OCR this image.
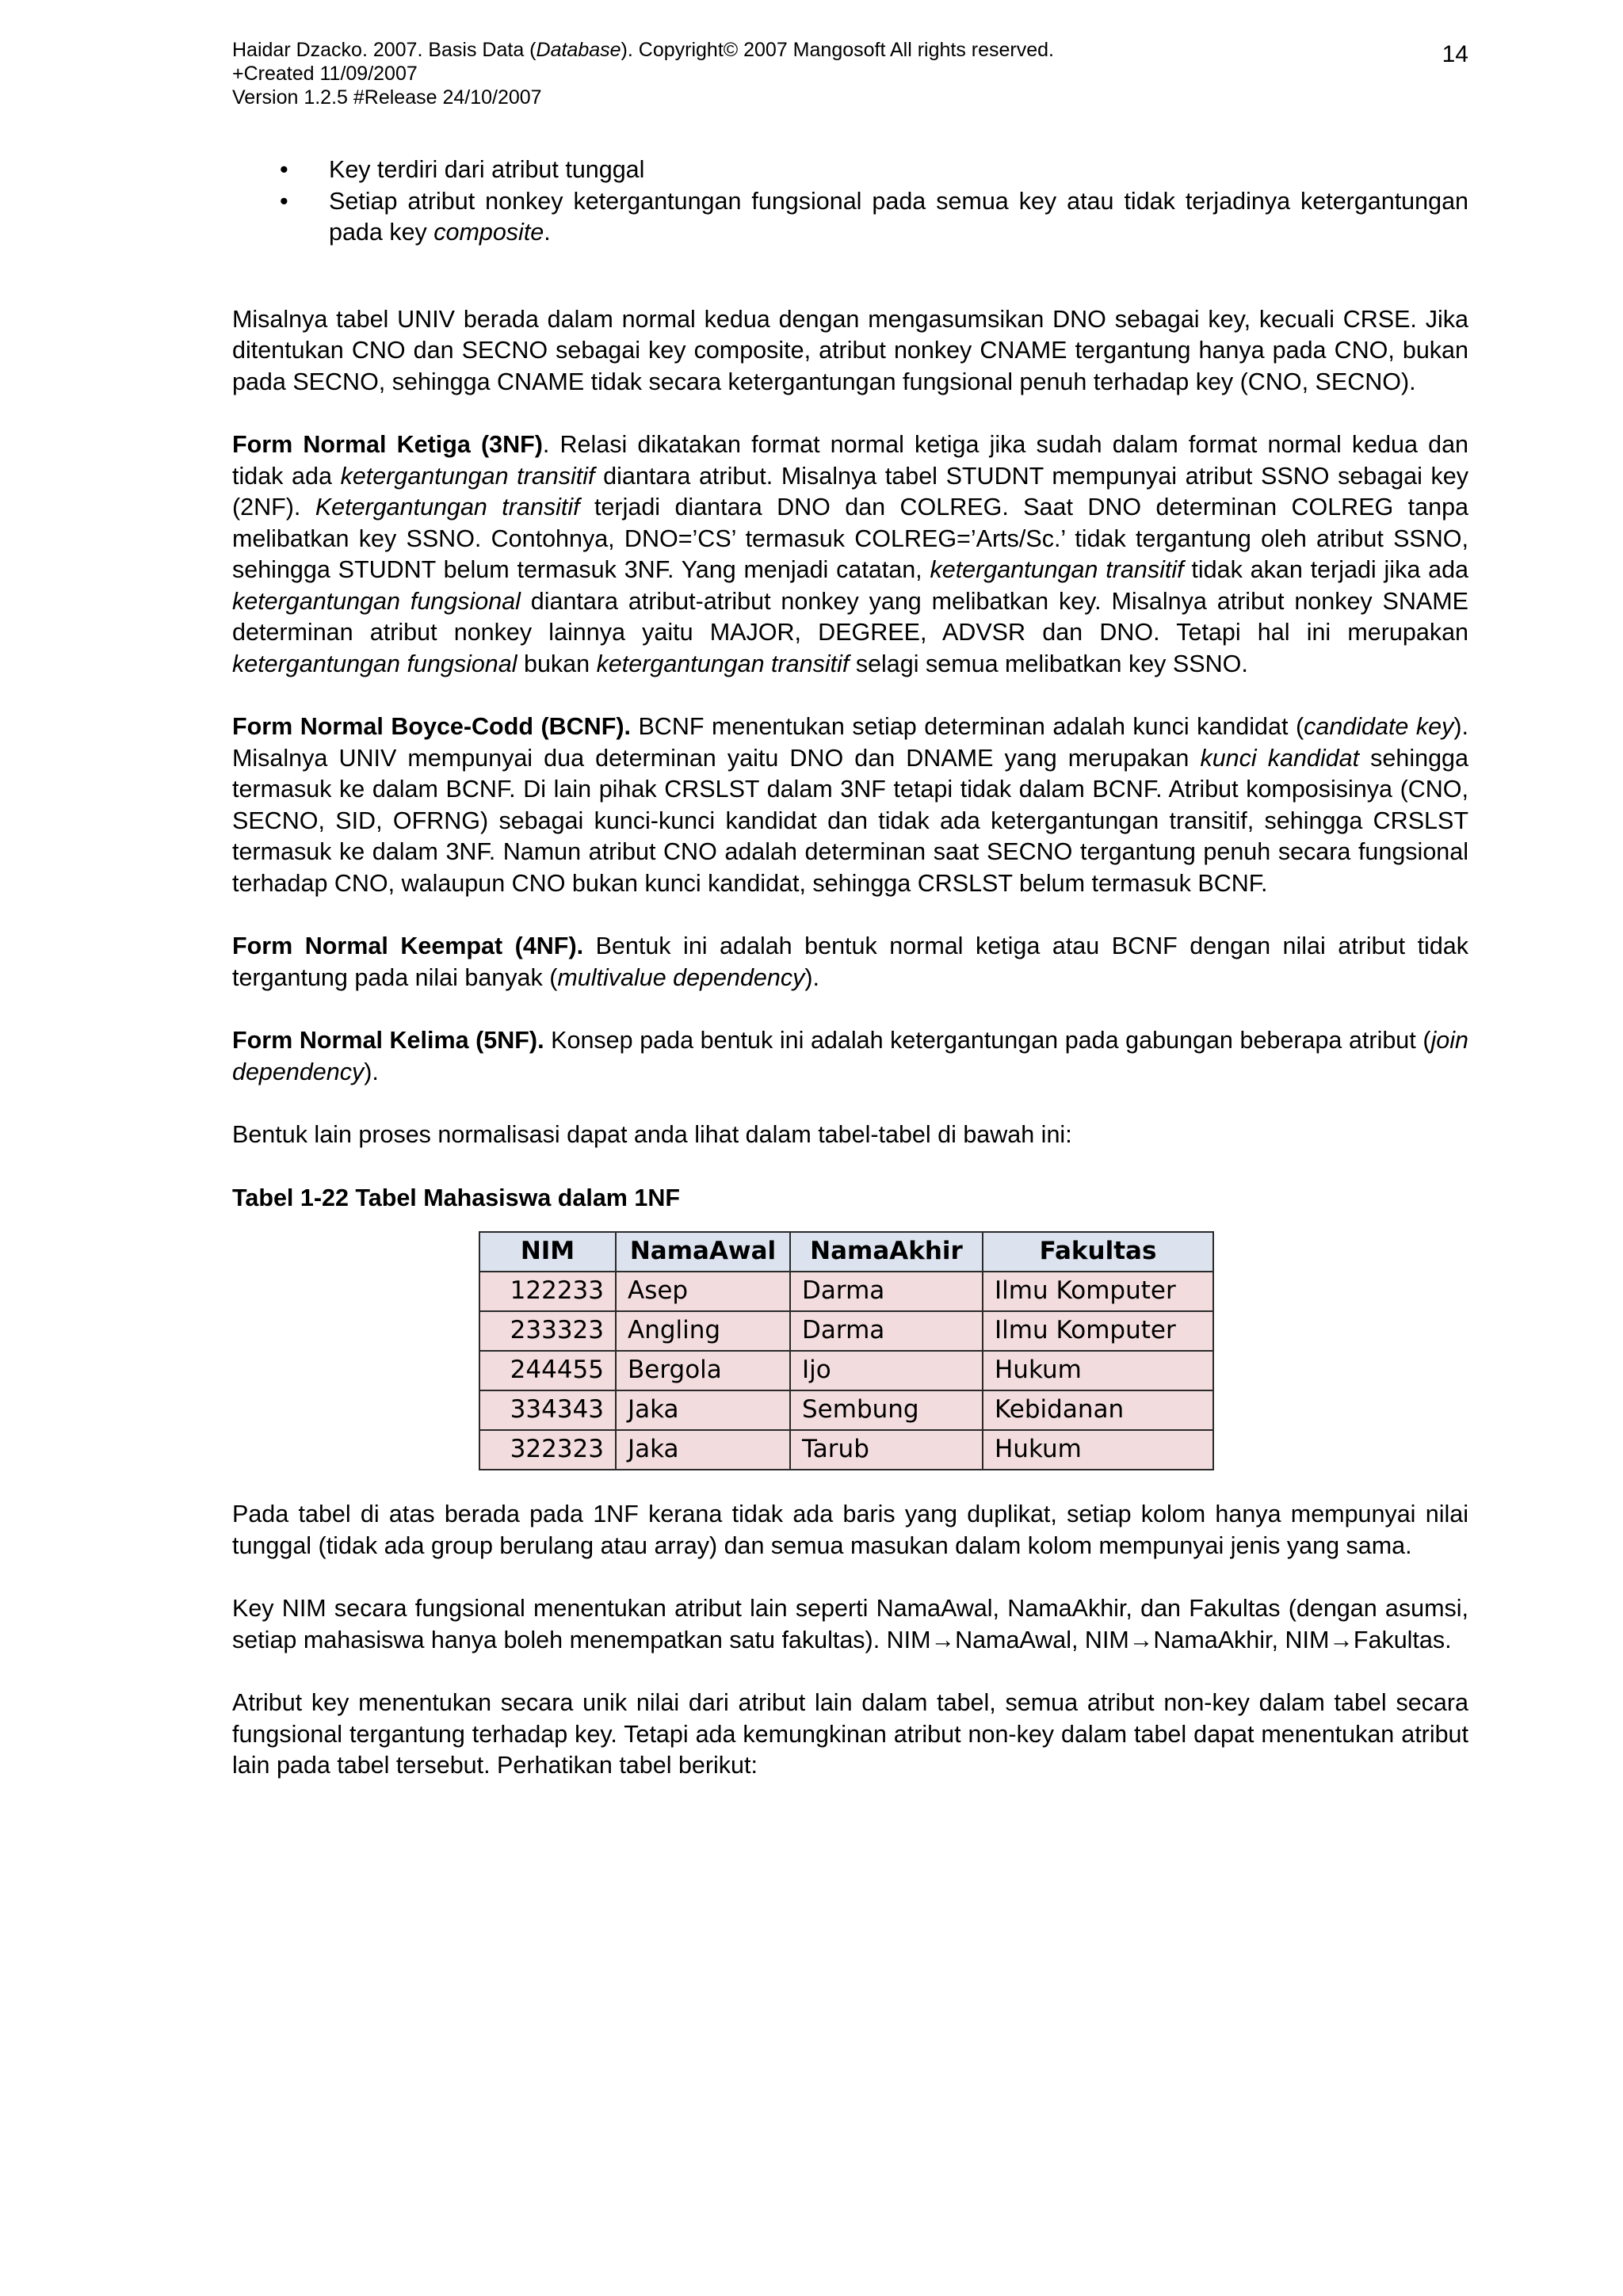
Haidar Dzacko. 2007. Basis Data (Database). Copyright© 2007 Mangosoft All rights reserved.
+Created 11/09/2007
Version 1.2.5 #Release 24/10/2007
14
• Key terdiri dari atribut tunggal
• Setiap atribut nonkey ketergantungan fungsional pada semua key atau tidak terjadinya ketergantungan pada key composite.

Misalnya tabel UNIV berada dalam normal kedua dengan mengasumsikan DNO sebagai key, kecuali CRSE. Jika ditentukan CNO dan SECNO sebagai key composite, atribut nonkey CNAME tergantung hanya pada CNO, bukan pada SECNO, sehingga CNAME tidak secara ketergantungan fungsional penuh terhadap key (CNO, SECNO).

Form Normal Ketiga (3NF). Relasi dikatakan format normal ketiga jika sudah dalam format normal kedua dan tidak ada ketergantungan transitif diantara atribut. Misalnya tabel STUDNT mempunyai atribut SSNO sebagai key (2NF). Ketergantungan transitif terjadi diantara DNO dan COLREG. Saat DNO determinan COLREG tanpa melibatkan key SSNO. Contohnya, DNO=’CS’ termasuk COLREG=’Arts/Sc.’ tidak tergantung oleh atribut SSNO, sehingga STUDNT belum termasuk 3NF. Yang menjadi catatan, ketergantungan transitif tidak akan terjadi jika ada ketergantungan fungsional diantara atribut-atribut nonkey yang melibatkan key. Misalnya atribut nonkey SNAME determinan atribut nonkey lainnya yaitu MAJOR, DEGREE, ADVSR dan DNO. Tetapi hal ini merupakan ketergantungan fungsional bukan ketergantungan transitif selagi semua melibatkan key SSNO.

Form Normal Boyce-Codd (BCNF). BCNF menentukan setiap determinan adalah kunci kandidat (candidate key). Misalnya UNIV mempunyai dua determinan yaitu DNO dan DNAME yang merupakan kunci kandidat sehingga termasuk ke dalam BCNF. Di lain pihak CRSLST dalam 3NF tetapi tidak dalam BCNF. Atribut komposisinya (CNO, SECNO, SID, OFRNG) sebagai kunci-kunci kandidat dan tidak ada ketergantungan transitif, sehingga CRSLST termasuk ke dalam 3NF. Namun atribut CNO adalah determinan saat SECNO tergantung penuh secara fungsional terhadap CNO, walaupun CNO bukan kunci kandidat, sehingga CRSLST belum termasuk BCNF.

Form Normal Keempat (4NF). Bentuk ini adalah bentuk normal ketiga atau BCNF dengan nilai atribut tidak tergantung pada nilai banyak (multivalue dependency).

Form Normal Kelima (5NF). Konsep pada bentuk ini adalah ketergantungan pada gabungan beberapa atribut (join dependency).

Bentuk lain proses normalisasi dapat anda lihat dalam tabel-tabel di bawah ini:

Tabel 1-22 Tabel Mahasiswa dalam 1NF

NIM	NamaAwal	NamaAkhir	Fakultas
122233	Asep	Darma	Ilmu Komputer
233323	Angling	Darma	Ilmu Komputer
244455	Bergola	Ijo	Hukum
334343	Jaka	Sembung	Kebidanan
322323	Jaka	Tarub	Hukum

Pada tabel di atas berada pada 1NF kerana tidak ada baris yang duplikat, setiap kolom hanya mempunyai nilai tunggal (tidak ada group berulang atau array) dan semua masukan dalam kolom mempunyai jenis yang sama.

Key NIM secara fungsional menentukan atribut lain seperti NamaAwal, NamaAkhir, dan Fakultas (dengan asumsi, setiap mahasiswa hanya boleh menempatkan satu fakultas). NIM→NamaAwal, NIM→NamaAkhir, NIM→Fakultas.

Atribut key menentukan secara unik nilai dari atribut lain dalam tabel, semua atribut non-key dalam tabel secara fungsional tergantung terhadap key. Tetapi ada kemungkinan atribut non-key dalam tabel dapat menentukan atribut lain pada tabel tersebut. Perhatikan tabel berikut:
